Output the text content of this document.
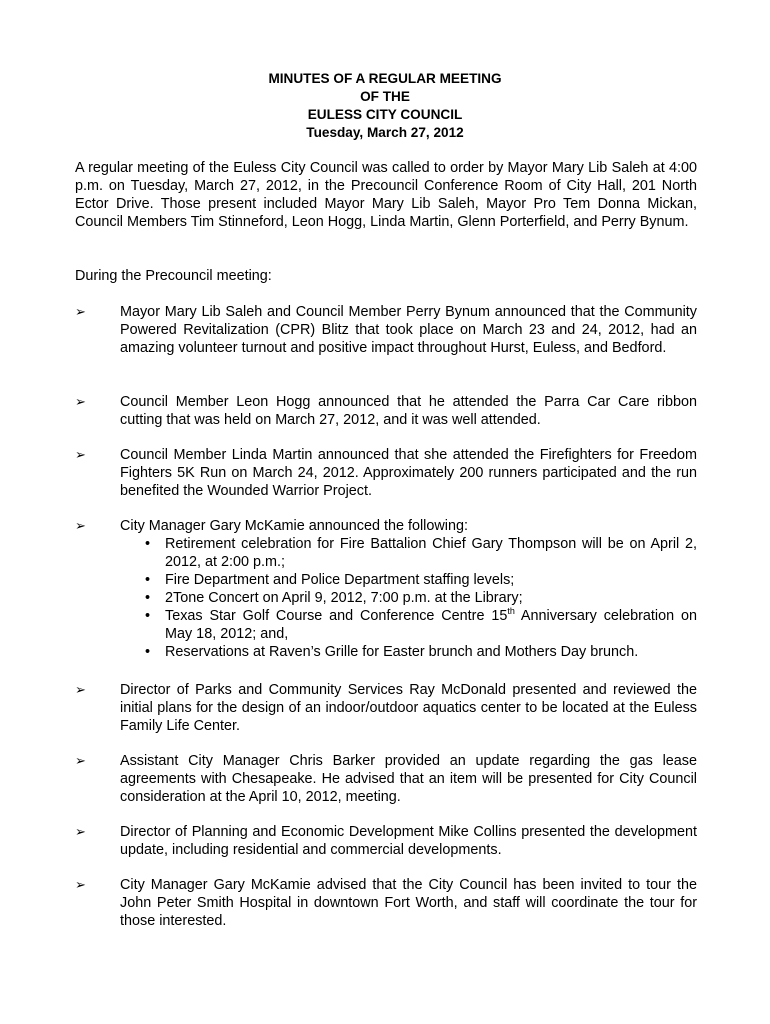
MINUTES OF A REGULAR MEETING
OF THE
EULESS CITY COUNCIL
Tuesday, March 27, 2012

A regular meeting of the Euless City Council was called to order by Mayor Mary Lib Saleh at 4:00 p.m. on Tuesday, March 27, 2012, in the Precouncil Conference Room of City Hall, 201 North Ector Drive. Those present included Mayor Mary Lib Saleh, Mayor Pro Tem Donna Mickan, Council Members Tim Stinneford, Leon Hogg, Linda Martin, Glenn Porterfield, and Perry Bynum.

During the Precouncil meeting:

➢	Mayor Mary Lib Saleh and Council Member Perry Bynum announced that the Community Powered Revitalization (CPR) Blitz that took place on March 23 and 24, 2012, had an amazing volunteer turnout and positive impact throughout Hurst, Euless, and Bedford.
➢	Council Member Leon Hogg announced that he attended the Parra Car Care ribbon cutting that was held on March 27, 2012, and it was well attended.
➢	Council Member Linda Martin announced that she attended the Firefighters for Freedom Fighters 5K Run on March 24, 2012. Approximately 200 runners participated and the run benefited the Wounded Warrior Project.
➢	City Manager Gary McKamie announced the following:
• Retirement celebration for Fire Battalion Chief Gary Thompson will be on April 2, 2012, at 2:00 p.m.;
• Fire Department and Police Department staffing levels;
• 2Tone Concert on April 9, 2012, 7:00 p.m. at the Library;
• Texas Star Golf Course and Conference Centre 15th Anniversary celebration on May 18, 2012; and,
• Reservations at Raven’s Grille for Easter brunch and Mothers Day brunch.
➢	Director of Parks and Community Services Ray McDonald presented and reviewed the initial plans for the design of an indoor/outdoor aquatics center to be located at the Euless Family Life Center.
➢	Assistant City Manager Chris Barker provided an update regarding the gas lease agreements with Chesapeake. He advised that an item will be presented for City Council consideration at the April 10, 2012, meeting.
➢	Director of Planning and Economic Development Mike Collins presented the development update, including residential and commercial developments.
➢	City Manager Gary McKamie advised that the City Council has been invited to tour the John Peter Smith Hospital in downtown Fort Worth, and staff will coordinate the tour for those interested.
